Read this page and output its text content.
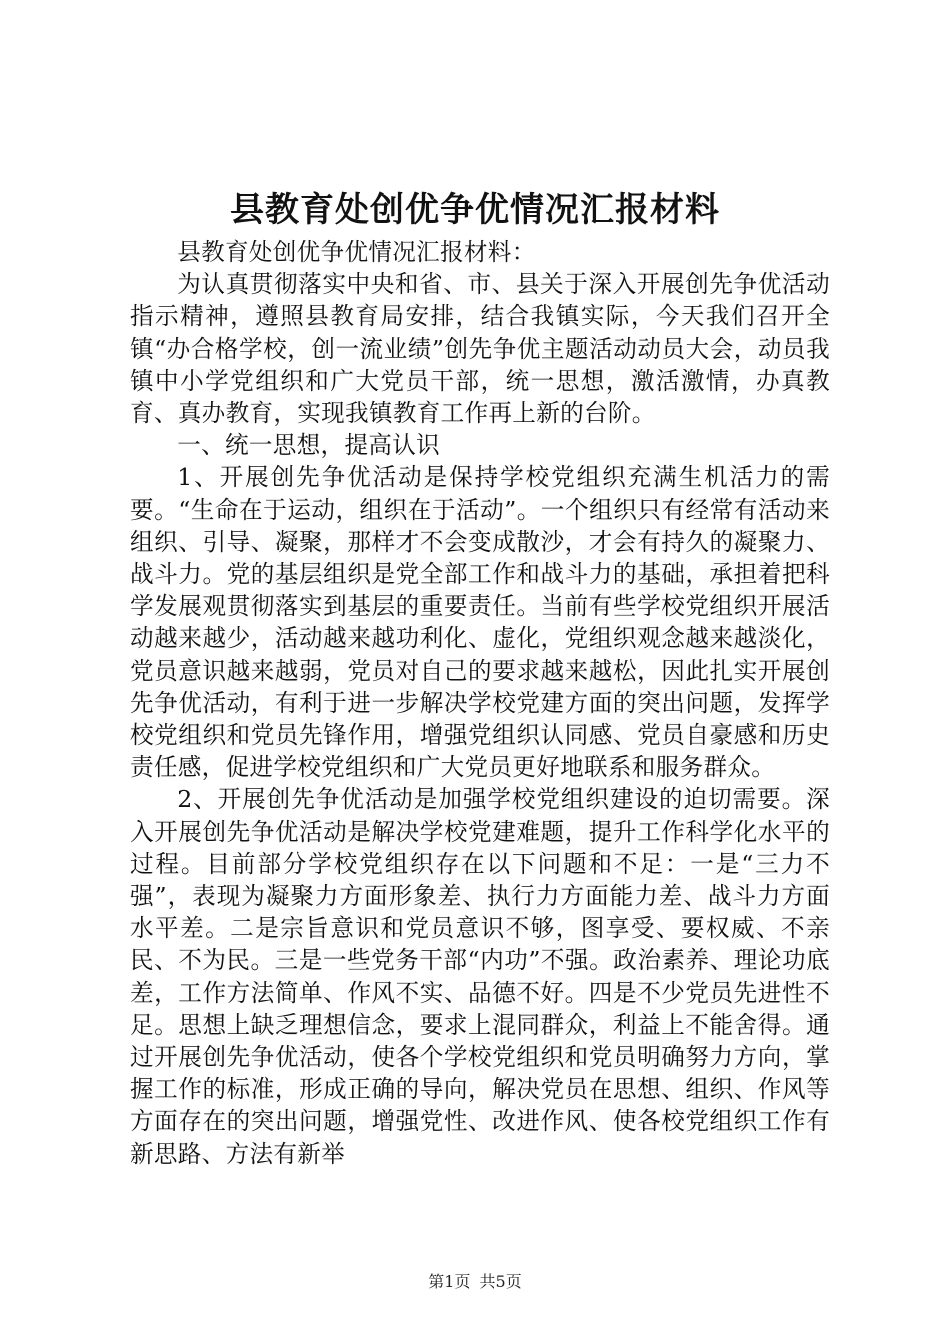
县教育处创优争优情况汇报材料

县教育处创优争优情况汇报材料：

为认真贯彻落实中央和省、市、县关于深入开展创先争优活动指示精神，遵照县教育局安排，结合我镇实际，今天我们召开全镇“办合格学校，创一流业绩”创先争优主题活动动员大会，动员我镇中小学党组织和广大党员干部，统一思想，激活激情，办真教育、真办教育，实现我镇教育工作再上新的台阶。

一、统一思想，提高认识

1、开展创先争优活动是保持学校党组织充满生机活力的需要。“生命在于运动，组织在于活动”。一个组织只有经常有活动来组织、引导、凝聚，那样才不会变成散沙，才会有持久的凝聚力、战斗力。党的基层组织是党全部工作和战斗力的基础，承担着把科学发展观贯彻落实到基层的重要责任。当前有些学校党组织开展活动越来越少，活动越来越功利化、虚化，党组织观念越来越淡化，党员意识越来越弱，党员对自己的要求越来越松，因此扎实开展创先争优活动，有利于进一步解决学校党建方面的突出问题，发挥学校党组织和党员先锋作用，增强党组织认同感、党员自豪感和历史责任感，促进学校党组织和广大党员更好地联系和服务群众。

2、开展创先争优活动是加强学校党组织建设的迫切需要。深入开展创先争优活动是解决学校党建难题，提升工作科学化水平的过程。目前部分学校党组织存在以下问题和不足：一是“三力不强”，表现为凝聚力方面形象差、执行力方面能力差、战斗力方面水平差。二是宗旨意识和党员意识不够，图享受、要权威、不亲民、不为民。三是一些党务干部“内功”不强。政治素养、理论功底差，工作方法简单、作风不实、品德不好。四是不少党员先进性不足。思想上缺乏理想信念，要求上混同群众，利益上不能舍得。通过开展创先争优活动，使各个学校党组织和党员明确努力方向，掌握工作的标准，形成正确的导向，解决党员在思想、组织、作风等方面存在的突出问题，增强党性、改进作风、使各校党组织工作有新思路、方法有新举

第1页 共5页
